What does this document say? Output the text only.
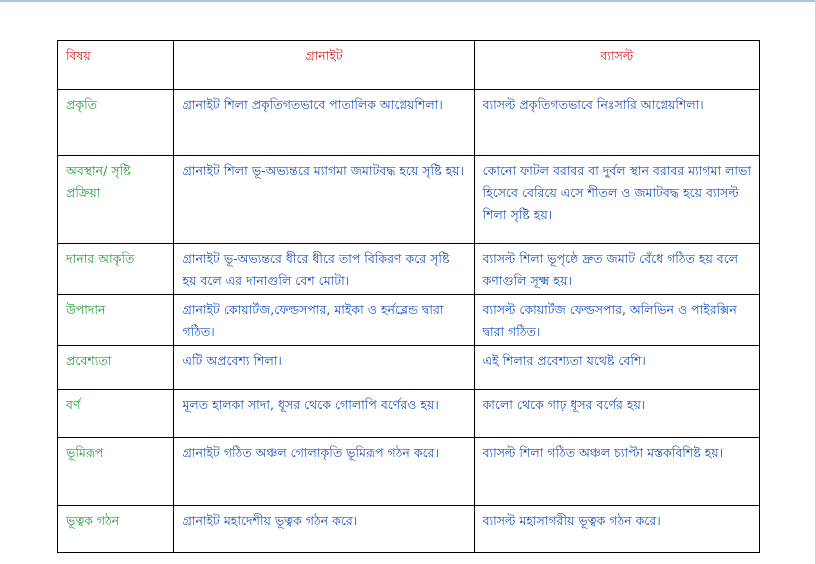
বিষয়	গ্রানাইট	ব্যাসল্ট
প্রকৃতি	গ্রানাইট শিলা প্রকৃতিগতভাবে পাতালিক আগ্নেয়শিলা।	ব্যাসল্ট প্রকৃতিগতভাবে নিঃসারি আগ্নেয়শিলা।
অবস্থান/ সৃষ্টি প্রক্রিয়া	গ্রানাইট শিলা ভূ-অভ্যন্তরে ম্যাগমা জমাটবদ্ধ হয়ে সৃষ্টি হয়।	কোনো ফাটল বরাবর বা দুর্বল স্থান বরাবর ম্যাগমা লাভা হিসেবে বেরিয়ে এসে শীতল ও জমাটবদ্ধ হয়ে ব্যাসল্ট শিলা সৃষ্টি হয়।
দানার আকৃতি	গ্রানাইট ভূ-অভ্যন্তরে ধীরে ধীরে তাপ বিকিরণ করে সৃষ্টি হয় বলে এর দানাগুলি বেশ মোটা।	ব্যাসল্ট শিলা ভূপৃষ্ঠে দ্রুত জমাট বেঁধে গঠিত হয় বলে কণাগুলি সূক্ষ্ম হয়।
উপাদান	গ্রানাইট কোয়ার্টজ,ফেল্ডসপার, মাইকা ও হর্নব্লেন্ড দ্বারা গঠিত।	ব্যাসল্ট কোয়ার্টজ ফেল্ডসপার, অলিভিন ও পাইরক্সিন দ্বারা গঠিত।
প্রবেশ্যতা	এটি অপ্রবেশ্য শিলা।	এই শিলার প্রবেশ্যতা যথেষ্ট বেশি।
বর্ণ	মূলত হালকা সাদা, ধূসর থেকে গোলাপি বর্ণেরও হয়।	কালো থেকে গাঢ় ধূসর বর্ণের হয়।
ভূমিরূপ	গ্রানাইট গঠিত অঞ্চল গোলাকৃতি ভূমিরূপ গঠন করে।	ব্যাসল্ট শিলা গঠিত অঞ্চল চ্যাপ্টা মস্তকবিশিষ্ট হয়।
ভূত্বক গঠন	গ্রানাইট মহাদেশীয় ভূত্বক গঠন করে।	ব্যাসল্ট মহাসাগরীয় ভূত্বক গঠন করে।
